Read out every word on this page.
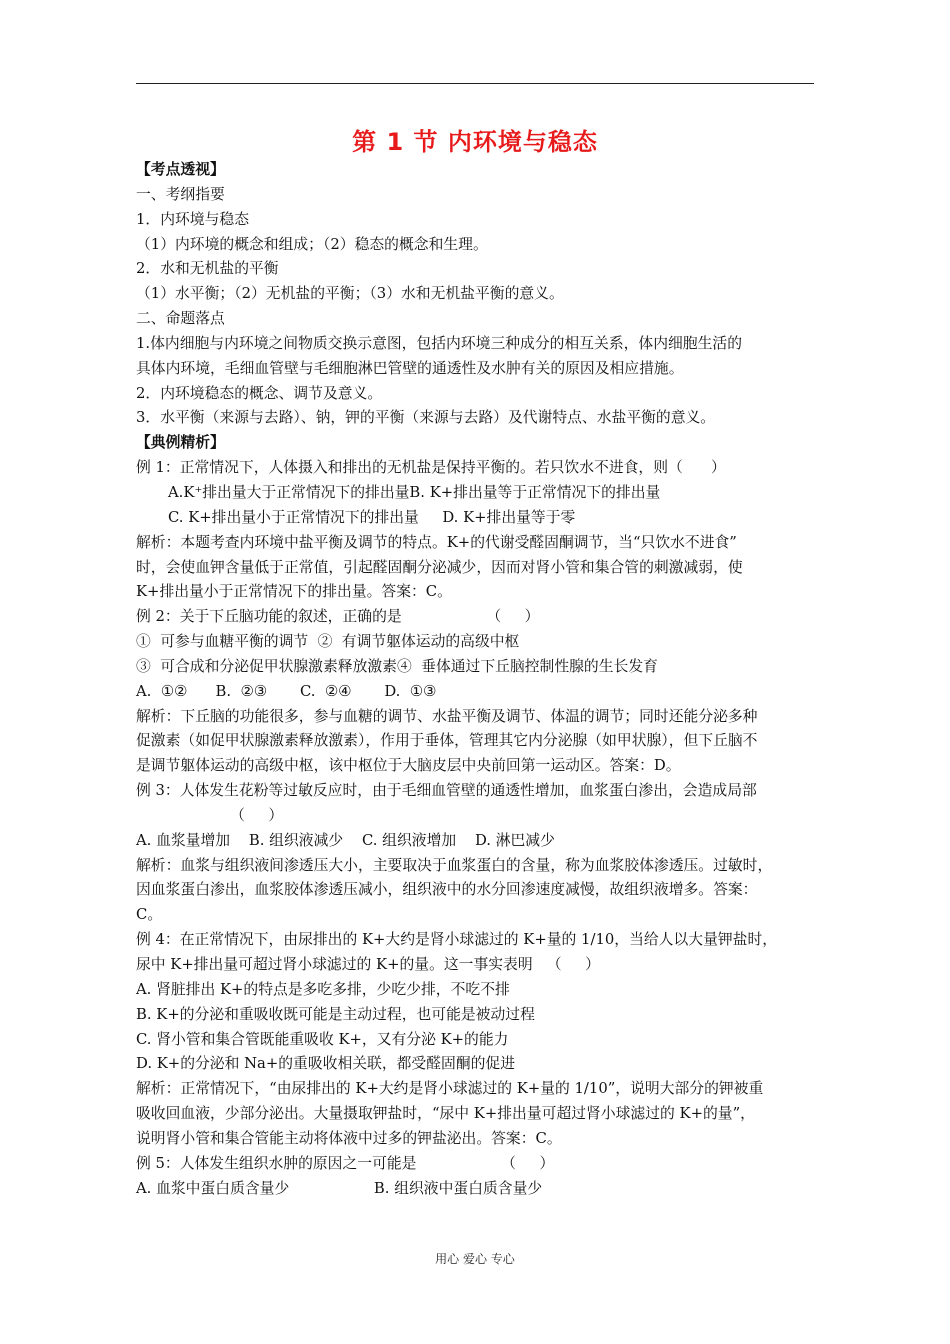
第 1 节 内环境与稳态
【考点透视】
一、考纲指要
1．内环境与稳态
（1）内环境的概念和组成；（2）稳态的概念和生理。
2．水和无机盐的平衡
（1）水平衡；（2）无机盐的平衡；（3）水和无机盐平衡的意义。
二、命题落点
1.体内细胞与内环境之间物质交换示意图，包括内环境三种成分的相互关系，体内细胞生活的
具体内环境，毛细血管壁与毛细胞淋巴管壁的通透性及水肿有关的原因及相应措施。
2．内环境稳态的概念、调节及意义。
3．水平衡（来源与去路）、钠，钾的平衡（来源与去路）及代谢特点、水盐平衡的意义。
【典例精析】
例 1：正常情况下，人体摄入和排出的无机盐是保持平衡的。若只饮水不进食，则（      ）
A.K⁺排出量大于正常情况下的排出量B. K+排出量等于正常情况下的排出量
C. K+排出量小于正常情况下的排出量     D. K+排出量等于零
解析：本题考查内环境中盐平衡及调节的特点。K+的代谢受醛固酮调节，当“只饮水不进食”
时，会使血钾含量低于正常值，引起醛固酮分泌减少，因而对肾小管和集合管的刺激减弱，使
K+排出量小于正常情况下的排出量。答案：C。
例 2：关于下丘脑功能的叙述，正确的是                  （     ）
①  可参与血糖平衡的调节  ②  有调节躯体运动的高级中枢
③  可合成和分泌促甲状腺激素释放激素④  垂体通过下丘脑控制性腺的生长发育
A.  ①②      B.  ②③       C.  ②④       D.  ①③
解析：下丘脑的功能很多，参与血糖的调节、水盐平衡及调节、体温的调节；同时还能分泌多种
促激素（如促甲状腺激素释放激素），作用于垂体，管理其它内分泌腺（如甲状腺），但下丘脑不
是调节躯体运动的高级中枢，该中枢位于大脑皮层中央前回第一运动区。答案：D。
例 3：人体发生花粉等过敏反应时，由于毛细血管壁的通透性增加，血浆蛋白渗出，会造成局部
（     ）
A. 血浆量增加    B. 组织液减少    C. 组织液增加    D. 淋巴减少
解析：血浆与组织液间渗透压大小，主要取决于血浆蛋白的含量，称为血浆胶体渗透压。过敏时，
因血浆蛋白渗出，血浆胶体渗透压减小，组织液中的水分回渗速度减慢，故组织液增多。答案：
C。
例 4：在正常情况下，由尿排出的 K+大约是肾小球滤过的 K+量的 1/10，当给人以大量钾盐时，
尿中 K+排出量可超过肾小球滤过的 K+的量。这一事实表明   （     ）
A. 肾脏排出 K+的特点是多吃多排，少吃少排，不吃不排
B. K+的分泌和重吸收既可能是主动过程，也可能是被动过程
C. 肾小管和集合管既能重吸收 K+，又有分泌 K+的能力
D. K+的分泌和 Na+的重吸收相关联，都受醛固酮的促进
解析：正常情况下，“由尿排出的 K+大约是肾小球滤过的 K+量的 1/10”，说明大部分的钾被重
吸收回血液，少部分泌出。大量摄取钾盐时，“尿中 K+排出量可超过肾小球滤过的 K+的量”，
说明肾小管和集合管能主动将体液中过多的钾盐泌出。答案：C。
例 5：人体发生组织水肿的原因之一可能是                  （     ）
A. 血浆中蛋白质含量少                  B. 组织液中蛋白质含量少
用心 爱心 专心
